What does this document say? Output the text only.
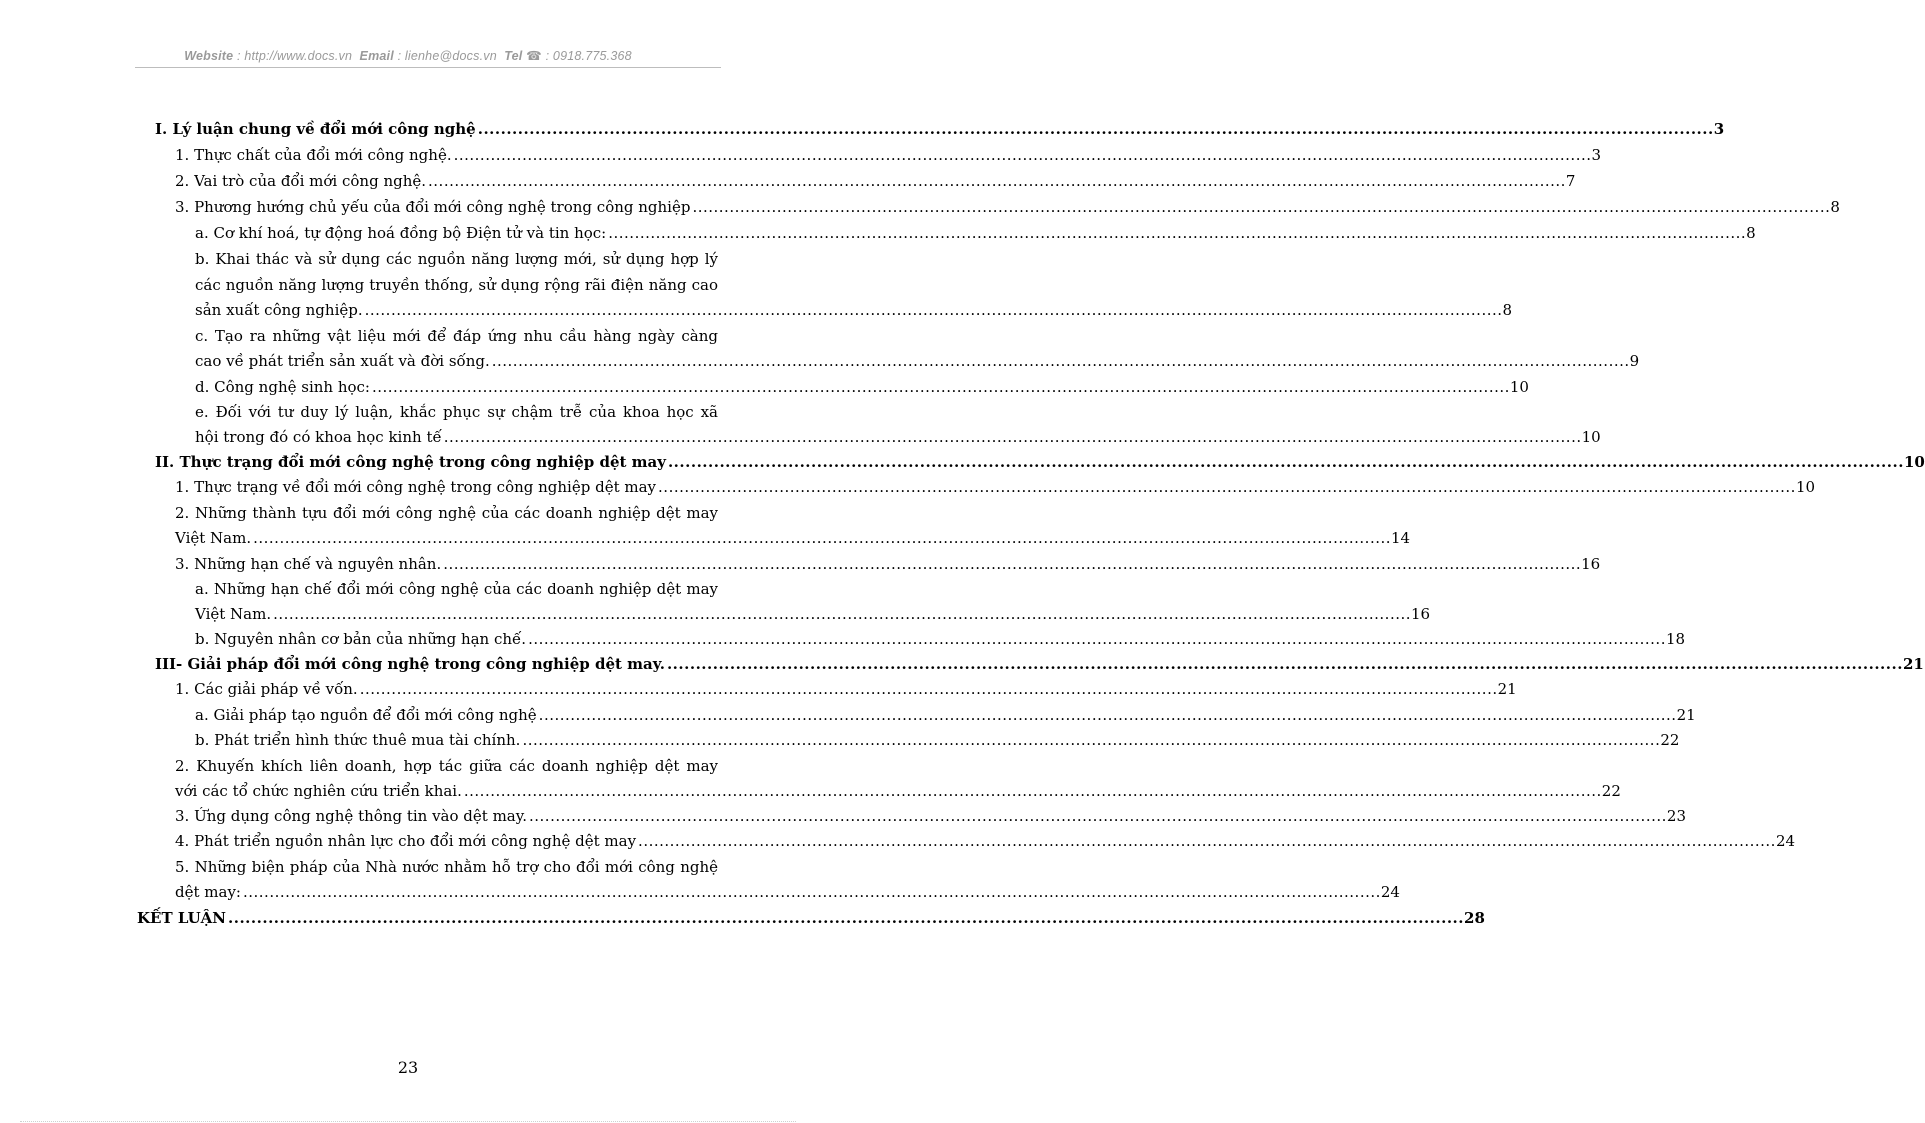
Website : http://www.docs.vn Email : lienhe@docs.vn Tel ☎ : 0918.775.368
I. Lý luận chung về đổi mới công nghệ .....	3
1. Thực chất của đổi mới công nghệ. .....	3
2. Vai trò của đổi mới công nghệ. .....	7
3. Phương hướng chủ yếu của đổi mới công nghệ trong công nghiệp .....	8
a. Cơ khí hoá, tự động hoá đồng bộ Điện tử và tin học: .....	8
b. Khai thác và sử dụng các nguồn năng lượng mới, sử dụng hợp lý
các nguồn năng lượng truyền thống, sử dụng rộng rãi điện năng cao
sản xuất công nghiệp. .....	8
c. Tạo ra những vật liệu mới để đáp ứng nhu cầu hàng ngày càng
cao về phát triển sản xuất và đời sống. .....	9
d. Công nghệ sinh học: .....	10
e. Đối với tư duy lý luận, khắc phục sự chậm trễ của khoa học xã
hội trong đó có khoa học kinh tế .....	10
II. Thực trạng đổi mới công nghệ trong công nghiệp dệt may .....	10
1. Thực trạng về đổi mới công nghệ trong công nghiệp dệt may .....	10
2. Những thành tựu đổi mới công nghệ của các doanh nghiệp dệt may
Việt Nam. .....	14
3. Những hạn chế và nguyên nhân. .....	16
a. Những hạn chế đổi mới công nghệ của các doanh nghiệp dệt may
Việt Nam. .....	16
b. Nguyên nhân cơ bản của những hạn chế. .....	18
III- Giải pháp đổi mới công nghệ trong công nghiệp dệt may. .....	21
1. Các giải pháp về vốn. .....	21
a. Giải pháp tạo nguồn để đổi mới công nghệ .....	21
b. Phát triển hình thức thuê mua tài chính. .....	22
2. Khuyến khích liên doanh, hợp tác giữa các doanh nghiệp dệt may
với các tổ chức nghiên cứu triển khai. .....	22
3. Ứng dụng công nghệ thông tin vào dệt may. .....	23
4. Phát triển nguồn nhân lực cho đổi mới công nghệ dệt may .....	24
5. Những biện pháp của Nhà nước nhằm hỗ trợ cho đổi mới công nghệ
dệt may: .....	24
KẾT LUẬN .....	28
23
